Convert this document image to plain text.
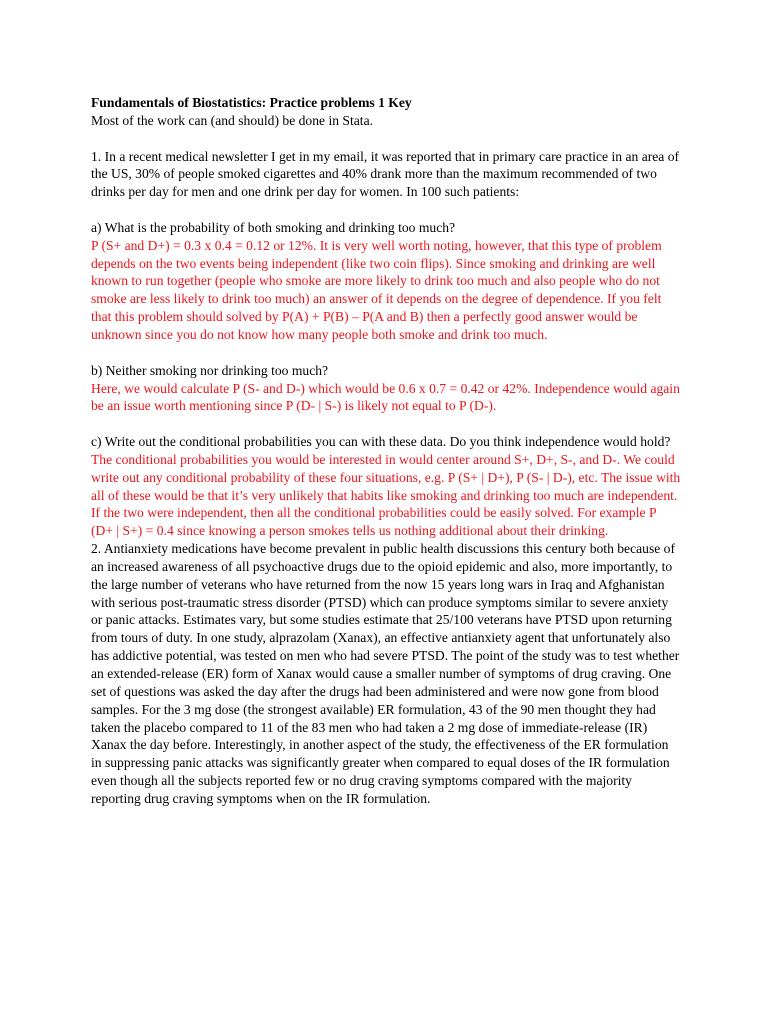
Fundamentals of Biostatistics: Practice problems 1 Key

Most of the work can (and should) be done in Stata.

1. In a recent medical newsletter I get in my email, it was reported that in primary care practice in an area of the US, 30% of people smoked cigarettes and 40% drank more than the maximum recommended of two drinks per day for men and one drink per day for women. In 100 such patients:

a) What is the probability of both smoking and drinking too much?

P (S+ and D+) = 0.3 x 0.4 = 0.12 or 12%. It is very well worth noting, however, that this type of problem depends on the two events being independent (like two coin flips). Since smoking and drinking are well known to run together (people who smoke are more likely to drink too much and also people who do not smoke are less likely to drink too much) an answer of it depends on the degree of dependence. If you felt that this problem should solved by P(A) + P(B) – P(A and B) then a perfectly good answer would be unknown since you do not know how many people both smoke and drink too much.

b) Neither smoking nor drinking too much?

Here, we would calculate P (S- and D-) which would be 0.6 x 0.7 = 0.42 or 42%. Independence would again be an issue worth mentioning since P (D- | S-) is likely not equal to P (D-).

c) Write out the conditional probabilities you can with these data. Do you think independence would hold?

The conditional probabilities you would be interested in would center around S+, D+, S-, and D-. We could write out any conditional probability of these four situations, e.g. P (S+ | D+), P (S- | D-), etc. The issue with all of these would be that it’s very unlikely that habits like smoking and drinking too much are independent. If the two were independent, then all the conditional probabilities could be easily solved. For example P (D+ | S+) = 0.4 since knowing a person smokes tells us nothing additional about their drinking.

2. Antianxiety medications have become prevalent in public health discussions this century both because of an increased awareness of all psychoactive drugs due to the opioid epidemic and also, more importantly, to the large number of veterans who have returned from the now 15 years long wars in Iraq and Afghanistan with serious post-traumatic stress disorder (PTSD) which can produce symptoms similar to severe anxiety or panic attacks. Estimates vary, but some studies estimate that 25/100 veterans have PTSD upon returning from tours of duty. In one study, alprazolam (Xanax), an effective antianxiety agent that unfortunately also has addictive potential, was tested on men who had severe PTSD. The point of the study was to test whether an extended-release (ER) form of Xanax would cause a smaller number of symptoms of drug craving. One set of questions was asked the day after the drugs had been administered and were now gone from blood samples. For the 3 mg dose (the strongest available) ER formulation, 43 of the 90 men thought they had taken the placebo compared to 11 of the 83 men who had taken a 2 mg dose of immediate-release (IR) Xanax the day before. Interestingly, in another aspect of the study, the effectiveness of the ER formulation in suppressing panic attacks was significantly greater when compared to equal doses of the IR formulation even though all the subjects reported few or no drug craving symptoms compared with the majority reporting drug craving symptoms when on the IR formulation.
